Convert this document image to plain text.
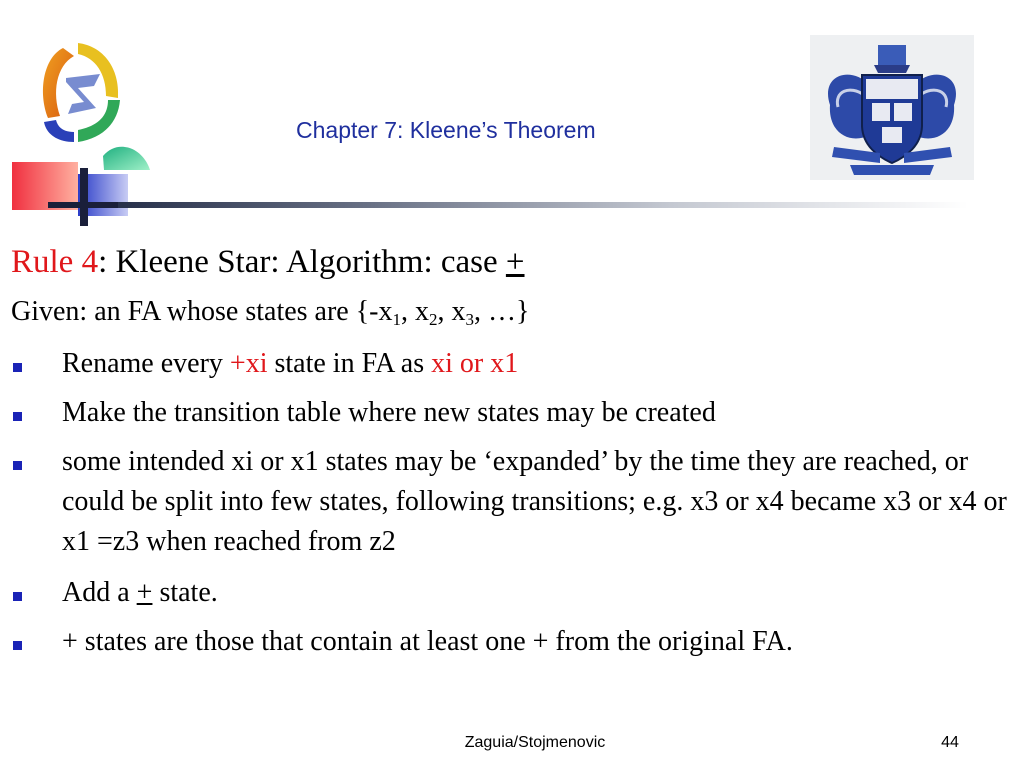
Chapter 7: Kleene’s Theorem
Rule 4: Kleene Star: Algorithm: case +
Given: an FA whose states are {$-x_1$, $x_2$, $x_3$, …}
Rename every +xi state in FA as xi or x1
Make the transition table where new states may be created
some intended xi or x1 states may be ‘expanded’ by the time they are reached, or could be split into few states, following transitions; e.g. x3 or x4 became x3 or x4 or x1 =z3 when reached from z2
Add a + state.
+ states are those that contain at least one + from the original FA.
Zaguia/Stojmenovic	44
